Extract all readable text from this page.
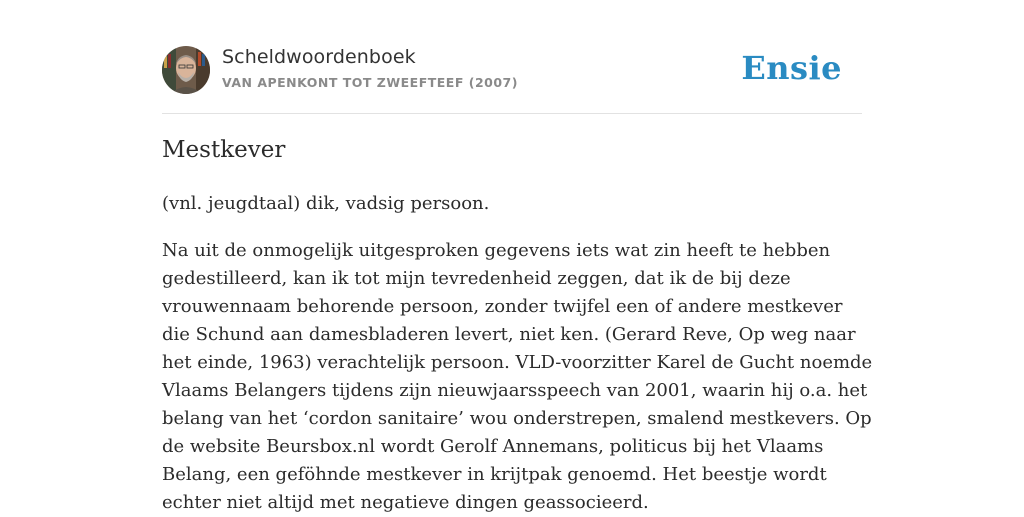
Scheldwoordenboek
VAN APENKONT TOT ZWEEFTEEF (2007)	Ensie
Mestkever

(vnl. jeugdtaal) dik, vadsig persoon.

Na uit de onmogelijk uitgesproken gegevens iets wat zin heeft te hebben gedestilleerd, kan ik tot mijn tevredenheid zeggen, dat ik de bij deze vrouwennaam behorende persoon, zonder twijfel een of andere mestkever die Schund aan damesbladeren levert, niet ken. (Gerard Reve, Op weg naar het einde, 1963) verachtelijk persoon. VLD-voorzitter Karel de Gucht noemde Vlaams Belangers tijdens zijn nieuwjaarsspeech van 2001, waarin hij o.a. het belang van het ‘cordon sanitaire’ wou onderstrepen, smalend mestkevers. Op de website Beursbox.nl wordt Gerolf Annemans, politicus bij het Vlaams Belang, een geföhnde mestkever in krijtpak genoemd. Het beestje wordt echter niet altijd met negatieve dingen geassocieerd.
